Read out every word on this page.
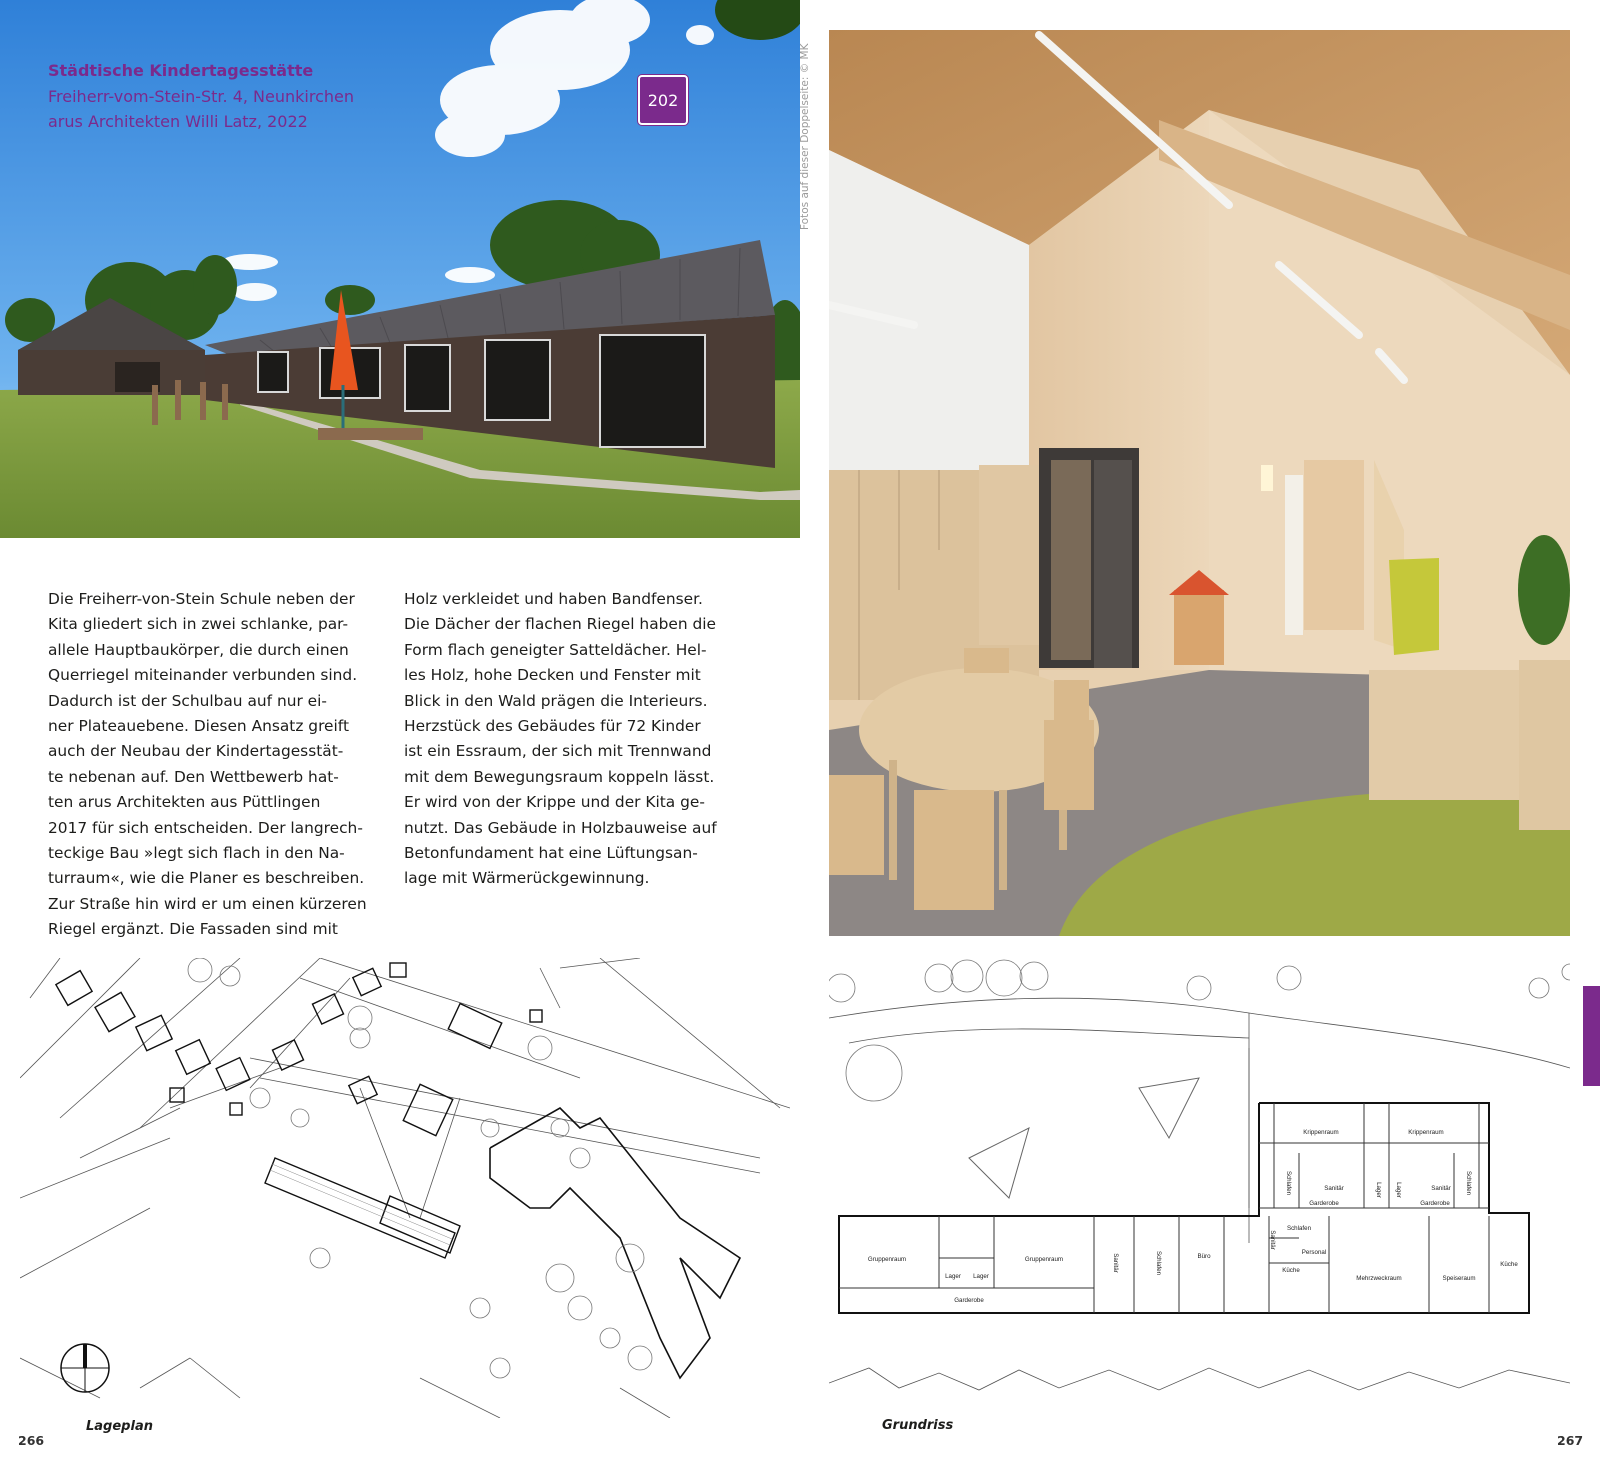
Städtische Kindertagesstätte
Freiherr-vom-Stein-Str. 4, Neunkirchen
arus Architekten Willi Latz, 2022
202	Fotos auf dieser Doppelseite: © MK

Die Freiherr-von-Stein Schule neben der

Kita gliedert sich in zwei schlanke, par-

allele Hauptbaukörper, die durch einen

Querriegel miteinander verbunden sind.

Dadurch ist der Schulbau auf nur ei-

ner Plateauebene. Diesen Ansatz greift

auch der Neubau der Kindertagesstät-

te nebenan auf. Den Wettbewerb hat-

ten arus Architekten aus Püttlingen

2017 für sich entscheiden. Der langrech-

teckige Bau »legt sich flach in den Na-

turraum«, wie die Planer es beschreiben.

Zur Straße hin wird er um einen kürzeren

Riegel ergänzt. Die Fassaden sind mit

Holz verkleidet und haben Bandfenser.

Die Dächer der flachen Riegel haben die

Form flach geneigter Satteldächer. Hel-

les Holz, hohe Decken und Fenster mit

Blick in den Wald prägen die Interieurs.

Herzstück des Gebäudes für 72 Kinder

ist ein Essraum, der sich mit Trennwand

mit dem Bewegungsraum koppeln lässt.

Er wird von der Krippe und der Kita ge-

nutzt. Das Gebäude in Holzbauweise auf

Betonfundament hat eine Lüftungsan-

lage mit Wärmerückgewinnung.

Krippenraum	Krippenraum
Schlafen	Schlafen
Sanitär	Sanitär
Lager Lager
Garderobe	Garderobe
Gruppenraum	Gruppenraum
Lager Lager
Garderobe
Sanitär	Schlafen	Büro
Sanitär
Schlafen
Personal
Küche
Mehrzweckraum	Speiseraum
Küche
Lageplan	Grundriss
266	267
